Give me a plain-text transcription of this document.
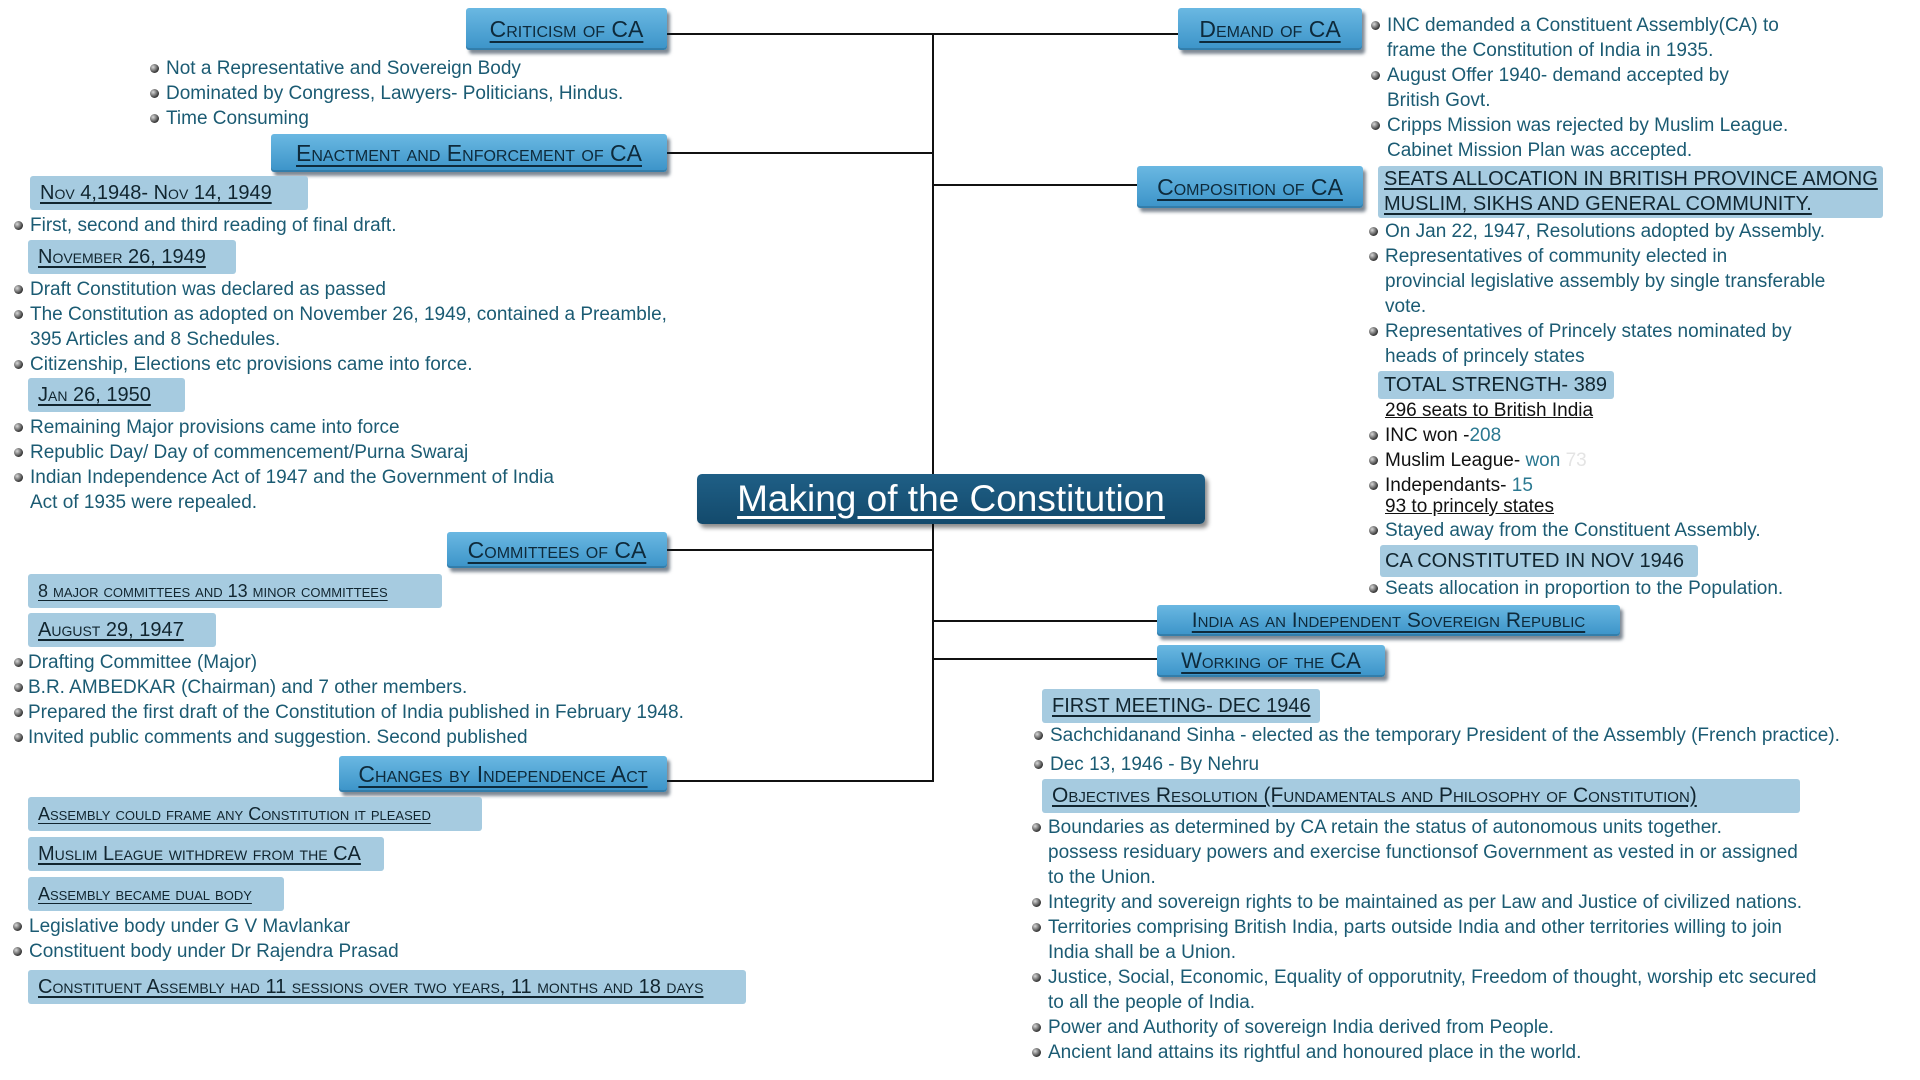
Making of the Constitution
Criticism of CA
Not a Representative and Sovereign Body
Dominated by Congress, Lawyers- Politicians, Hindus.
Time Consuming
Enactment and Enforcement of CA
Nov 4,1948- Nov 14, 1949
First, second and third reading of final draft.
November 26, 1949
Draft Constitution was declared as passed
The Constitution as adopted on November 26, 1949, contained a Preamble,
395 Articles and 8 Schedules.
Citizenship, Elections etc provisions came into force.
Jan 26, 1950
Remaining Major provisions came into force
Republic Day/ Day of commencement/Purna Swaraj
Indian Independence Act of 1947 and the Government of India
Act of 1935 were repealed.
Committees of CA
8 major committees and 13 minor committees
August 29, 1947
Drafting Committee (Major)
B.R. AMBEDKAR (Chairman) and 7 other members.
Prepared the first draft of the Constitution of India published in February 1948.
Invited public comments and suggestion. Second published
Changes by Independence Act
Assembly could frame any Constitution it pleased
Muslim League withdrew from the CA
Assembly became dual body
Legislative body under G V Mavlankar
Constituent body under Dr Rajendra Prasad
Constituent Assembly had 11 sessions over two years, 11 months and 18 days
Demand of CA	INC demanded a Constituent Assembly(CA) to
frame the Constitution of India in 1935.
August Offer 1940- demand accepted by
British Govt.
Cripps Mission was rejected by Muslim League.
Cabinet Mission Plan was accepted.
Composition of CA	SEATS ALLOCATION IN BRITISH PROVINCE AMONG
MUSLIM, SIKHS AND GENERAL COMMUNITY.
On Jan 22, 1947, Resolutions adopted by Assembly.
Representatives of community elected in
provincial legislative assembly by single transferable
vote.
Representatives of Princely states nominated by
heads of princely states
TOTAL STRENGTH- 389
296 seats to British India
INC won -208
Muslim League- won 73
Independants- 15
93 to princely states
Stayed away from the Constituent Assembly.
CA CONSTITUTED IN NOV 1946
Seats allocation in proportion to the Population.
India as an Independent Sovereign Republic
Working of the CA
FIRST MEETING- DEC 1946
Sachchidanand Sinha - elected as the temporary President of the Assembly (French practice).
Dec 13, 1946 - By Nehru
Objectives Resolution (Fundamentals and Philosophy of Constitution)
Boundaries as determined by CA retain the status of autonomous units together.
possess residuary powers and exercise functionsof Government as vested in or assigned
to the Union.
Integrity and sovereign rights to be maintained as per Law and Justice of civilized nations.
Territories comprising British India, parts outside India and other territories willing to join
India shall be a Union.
Justice, Social, Economic, Equality of opporutnity, Freedom of thought, worship etc secured
to all the people of India.
Power and Authority of sovereign India derived from People.
Ancient land attains its rightful and honoured place in the world.
